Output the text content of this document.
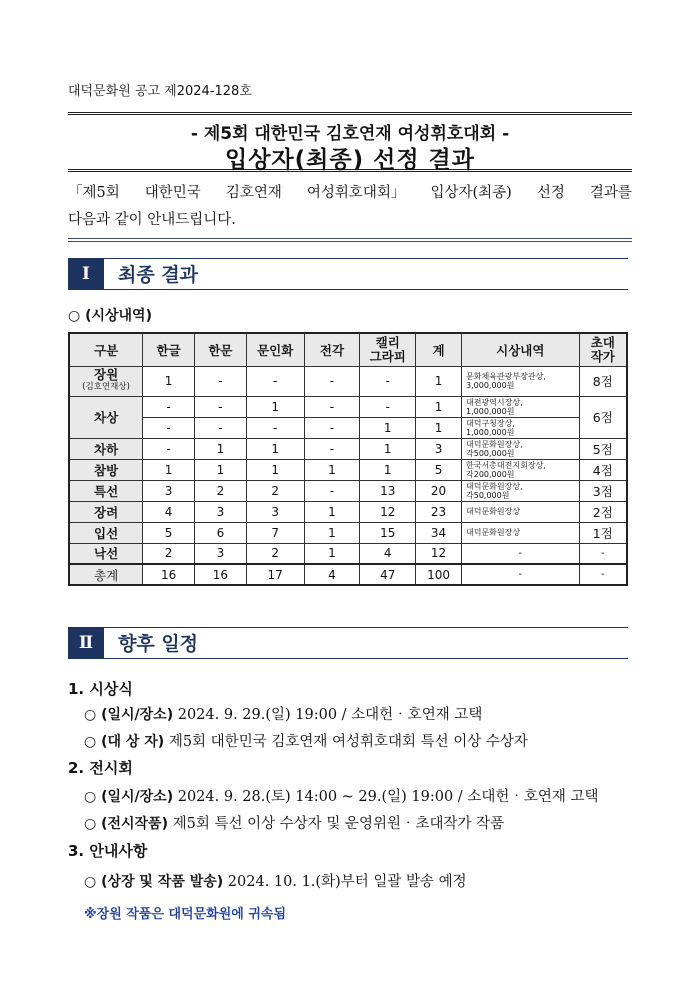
대덕문화원 공고 제2024-128호
- 제5회 대한민국 김호연재 여성휘호대회 -
입상자(최종) 선정 결과
「제5회 대한민국 김호연재 여성휘호대회」 입상자(최종) 선정 결과를
다음과 같이 안내드립니다.
Ⅰ	최종 결과
○ (시상내역)
구분	한글	한문	문인화	전각	캘리
그라피	계	시상내역	초대
작가
장원
(김호연재상)	1	-	-	-	-	1	문화체육관광부장관상,
3,000,000원	8점
차상	-	-	1	-	-	1	대전광역시장상,
1,000,000원	6점
	-	-	-	-	1	1	대덕구청장상,
1,000,000원	
차하	-	1	1	-	1	3	대덕문화원장상,
각500,000원	5점
참방	1	1	1	1	1	5	한국서총대전지회장상,
각200,000원	4점
특선	3	2	2	-	13	20	대덕문화원장상,
각50,000원	3점
장려	4	3	3	1	12	23	대덕문화원장상	2점
입선	5	6	7	1	15	34	대덕문화원장상	1점
낙선	2	3	2	1	4	12	-	-
총계	16	16	17	4	47	100	-	-
Ⅱ	향후 일정
1. 시상식
○ (일시/장소) 2024. 9. 29.(일) 19:00 / 소대헌‧호연재 고택
○ (대 상 자) 제5회 대한민국 김호연재 여성휘호대회 특선 이상 수상자
2. 전시회
○ (일시/장소) 2024. 9. 28.(토) 14:00 ~ 29.(일) 19:00 / 소대헌‧호연재 고택
○ (전시작품) 제5회 특선 이상 수상자 및 운영위원‧초대작가 작품
3. 안내사항
○ (상장 및 작품 발송) 2024. 10. 1.(화)부터 일괄 발송 예정
※장원 작품은 대덕문화원에 귀속됨
